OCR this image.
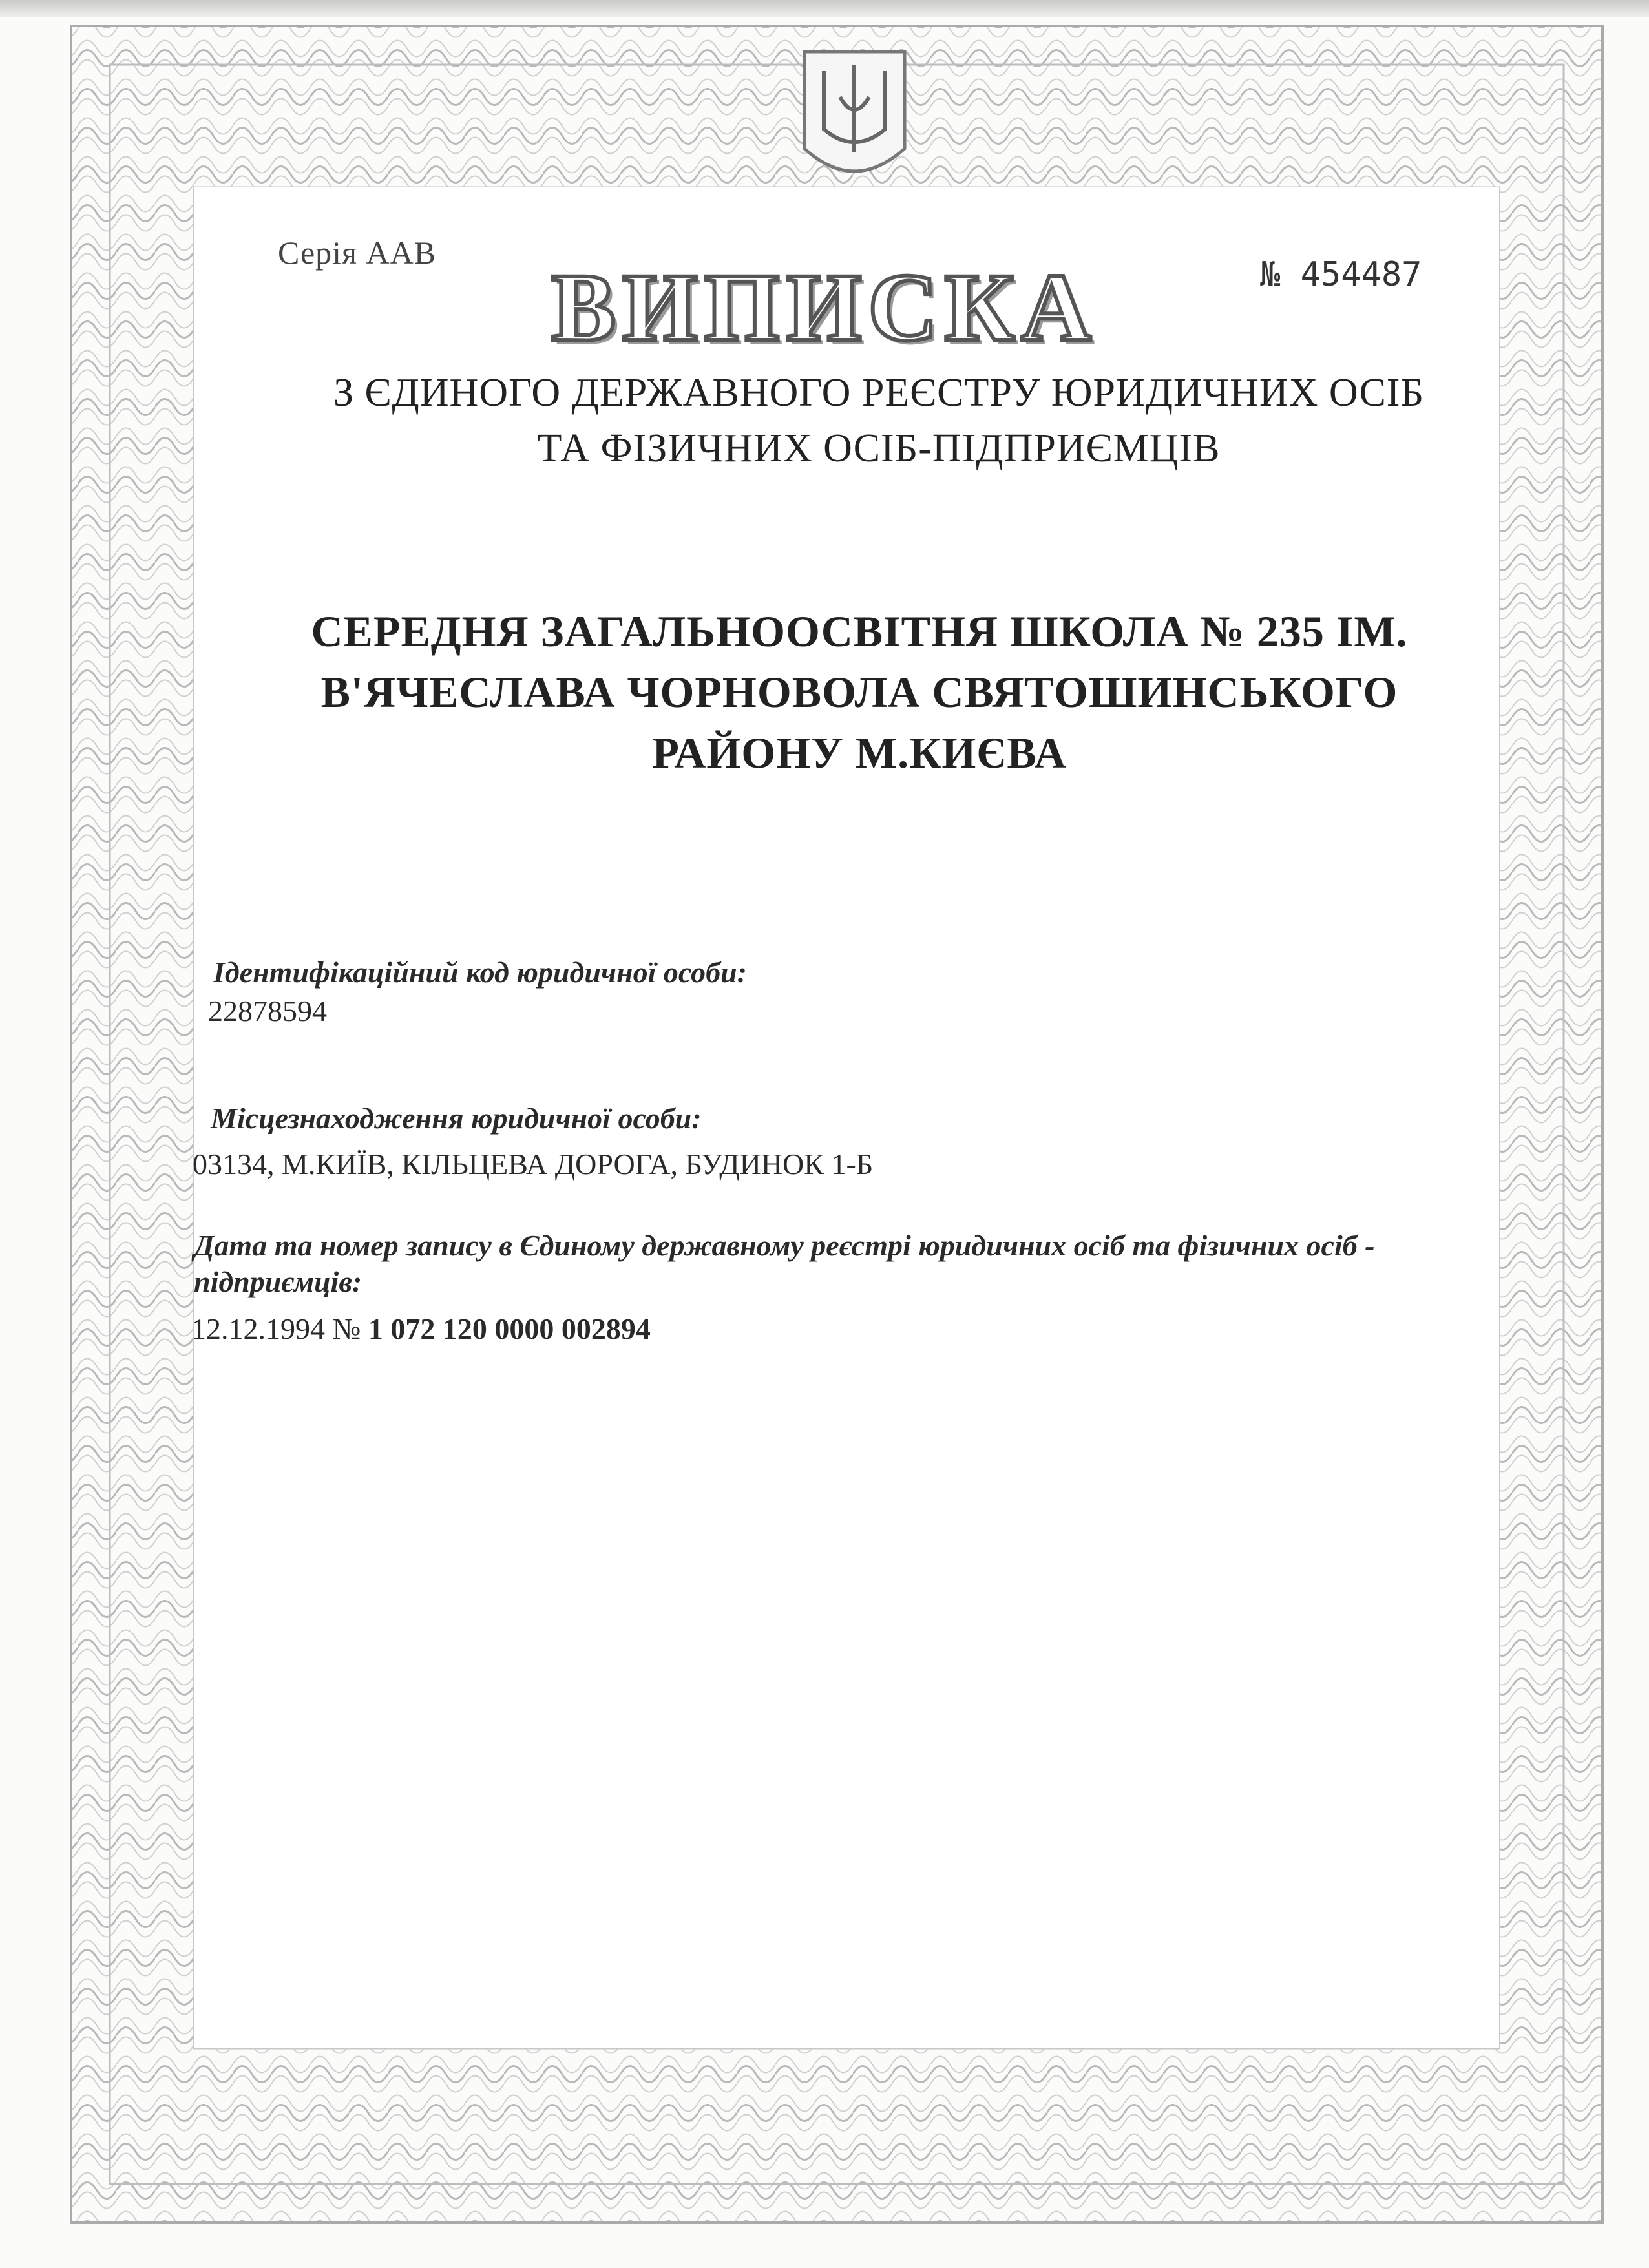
Серія ААВ
№ 454487
ВИПИСКА
З ЄДИНОГО ДЕРЖАВНОГО РЕЄСТРУ ЮРИДИЧНИХ ОСІБ
ТА ФІЗИЧНИХ ОСІБ-ПІДПРИЄМЦІВ
СЕРЕДНЯ ЗАГАЛЬНООСВІТНЯ ШКОЛА № 235 ІМ.
В'ЯЧЕСЛАВА ЧОРНОВОЛА СВЯТОШИНСЬКОГО
РАЙОНУ М.КИЄВА
Ідентифікаційний код юридичної особи:
22878594
Місцезнаходження юридичної особи:
03134, М.КИЇВ, КІЛЬЦЕВА ДОРОГА, БУДИНОК 1-Б
Дата та номер запису в Єдиному державному реєстрі юридичних осіб та фізичних осіб - підприємців:
12.12.1994 № 1 072 120 0000 002894
